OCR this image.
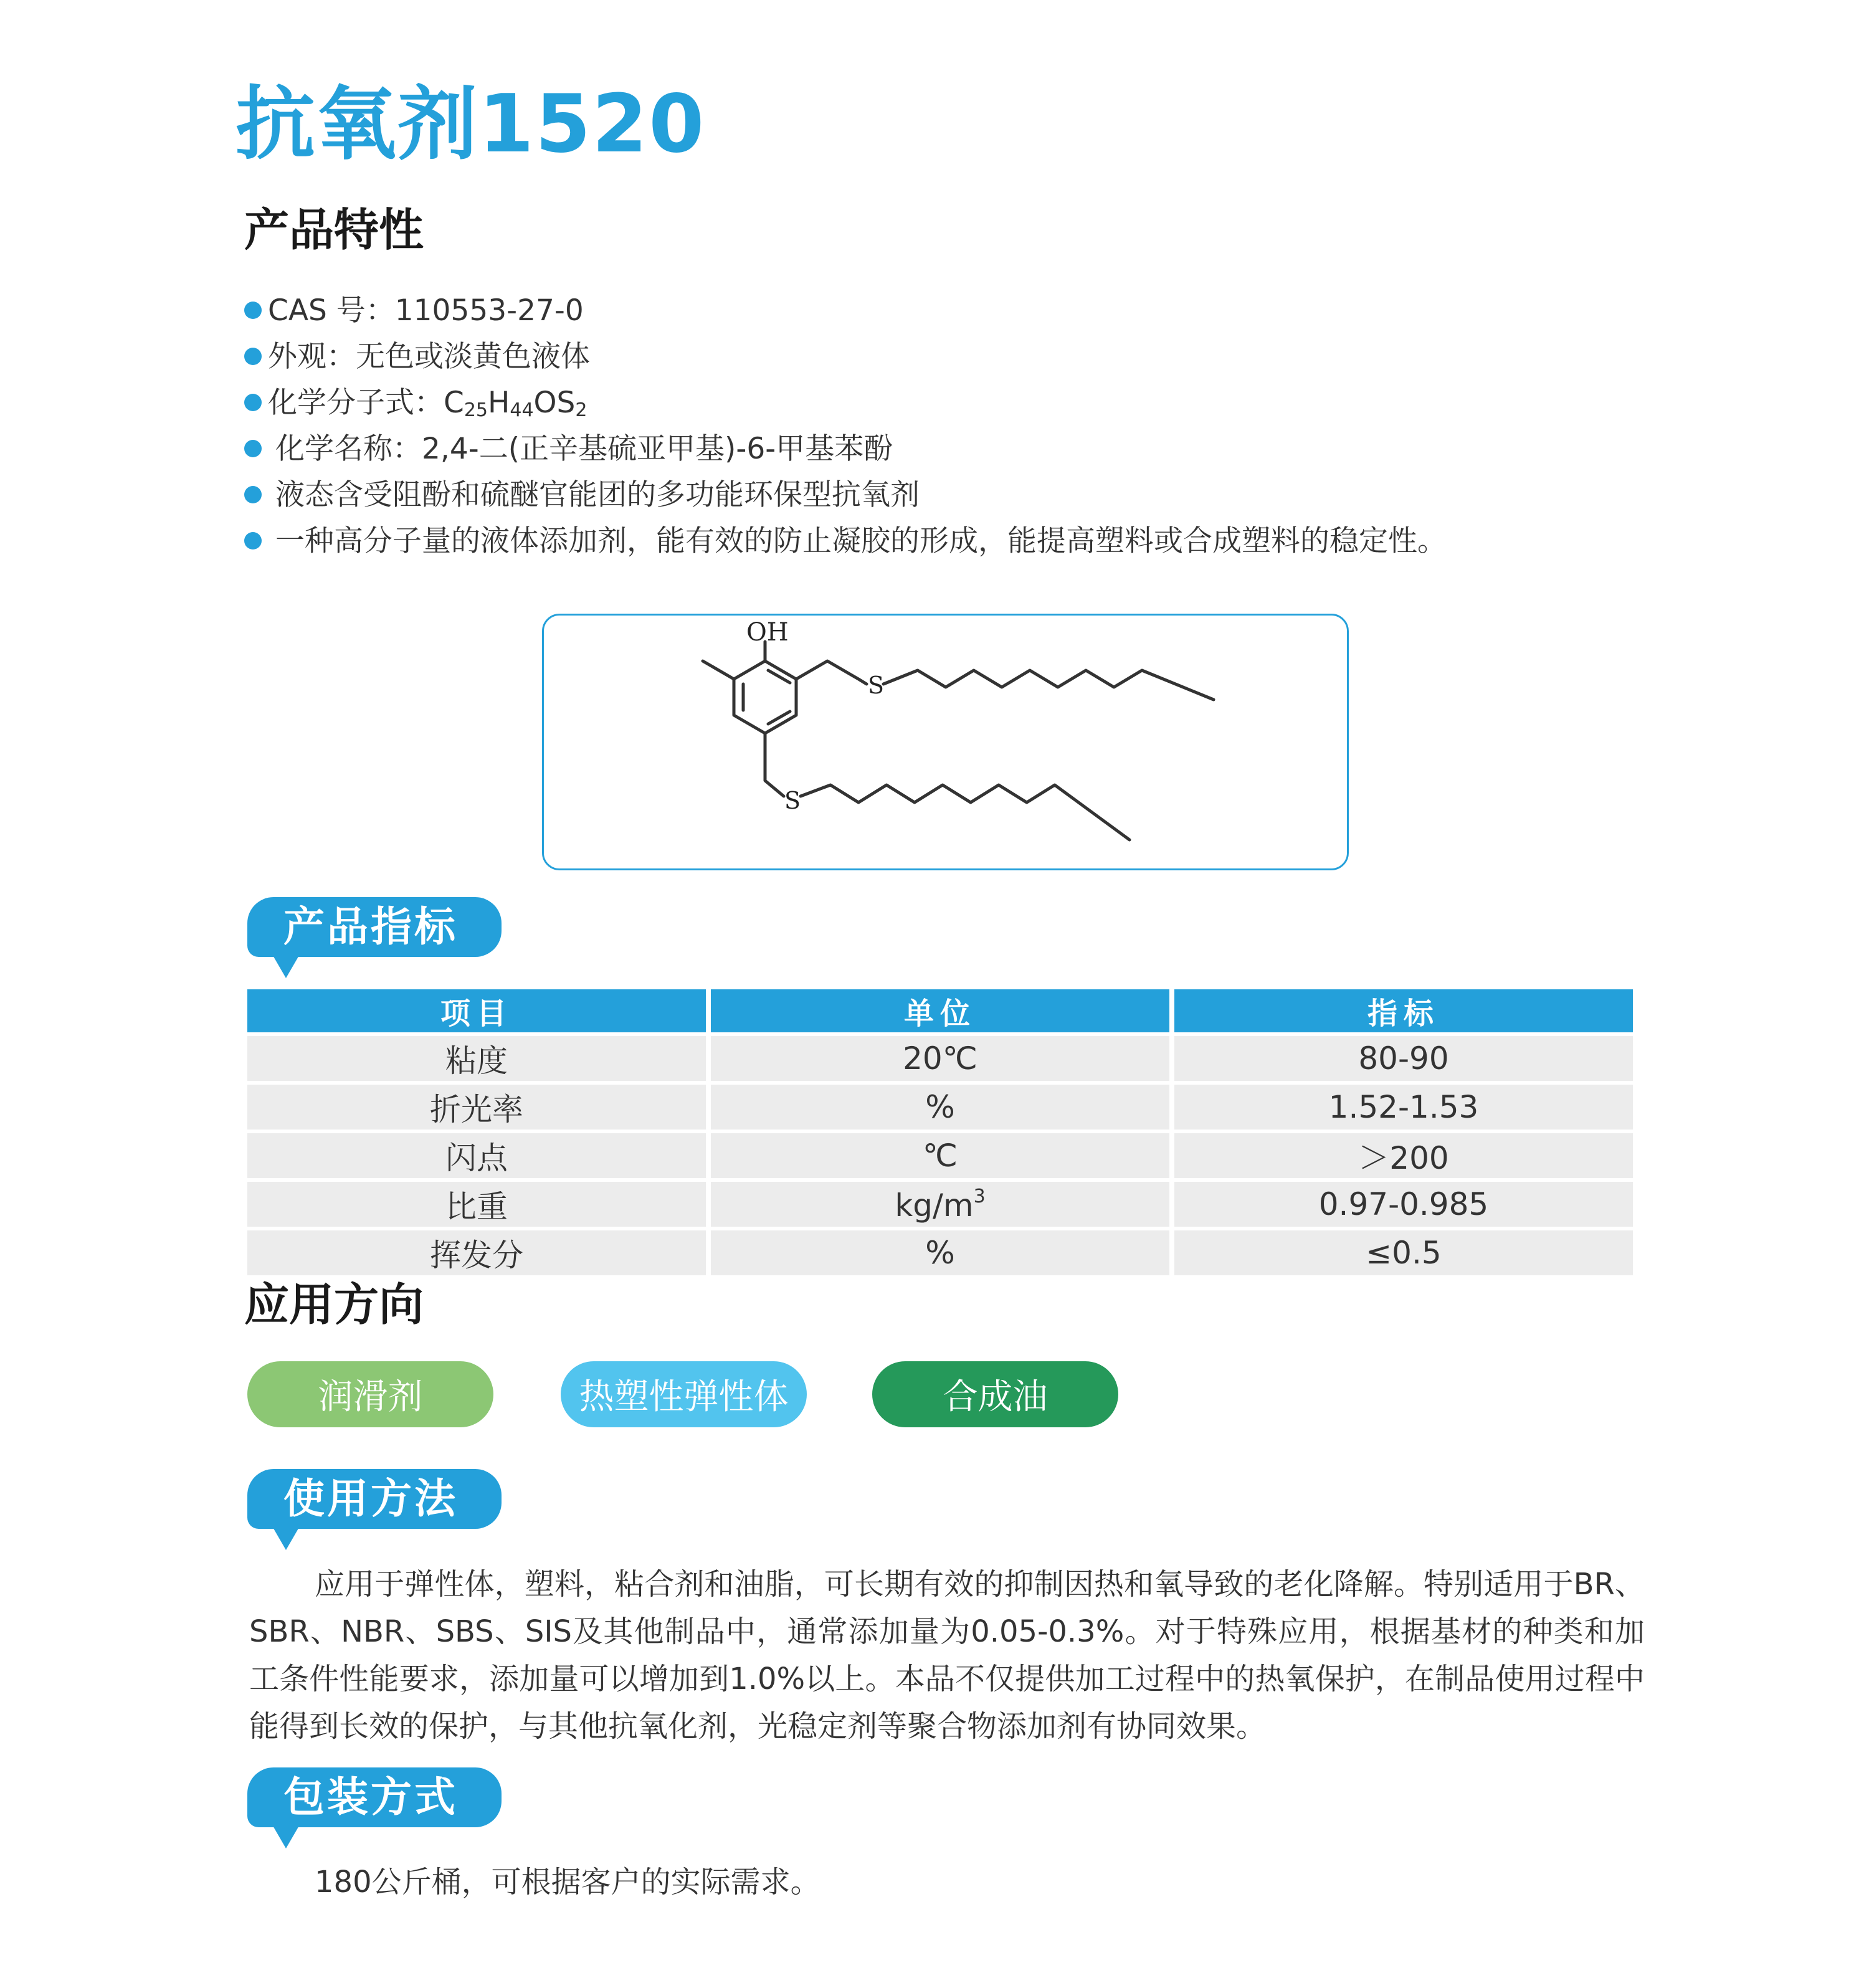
抗氧剂1520
产品特性
CAS 号：110553-27-0
外观：无色或淡黄色液体
化学分子式：$C_{25}H_{44}OS_2$
化学名称：2,4-二(正辛基硫亚甲基)-6-甲基苯酚
液态含受阻酚和硫醚官能团的多功能环保型抗氧剂
一种高分子量的液体添加剂，能有效的防止凝胶的形成，能提高塑料或合成塑料的稳定性。
OH
S
S
产品指标
项目	单位	指标
粘度	20℃	80-90
折光率	%	1.52-1.53
闪点	℃	＞200
比重	$kg/m^3$	0.97-0.985
挥发分	%	≤0.5
应用方向
润滑剂	热塑性弹性体	合成油
使用方法
应用于弹性体，塑料，粘合剂和油脂，可长期有效的抑制因热和氧导致的老化降解。特别适用于BR、SBR、NBR、SBS、SIS及其他制品中，通常添加量为0.05-0.3%。对于特殊应用，根据基材的种类和加工条件性能要求，添加量可以增加到1.0%以上。本品不仅提供加工过程中的热氧保护，在制品使用过程中能得到长效的保护，与其他抗氧化剂，光稳定剂等聚合物添加剂有协同效果。
包装方式
180公斤桶，可根据客户的实际需求。
